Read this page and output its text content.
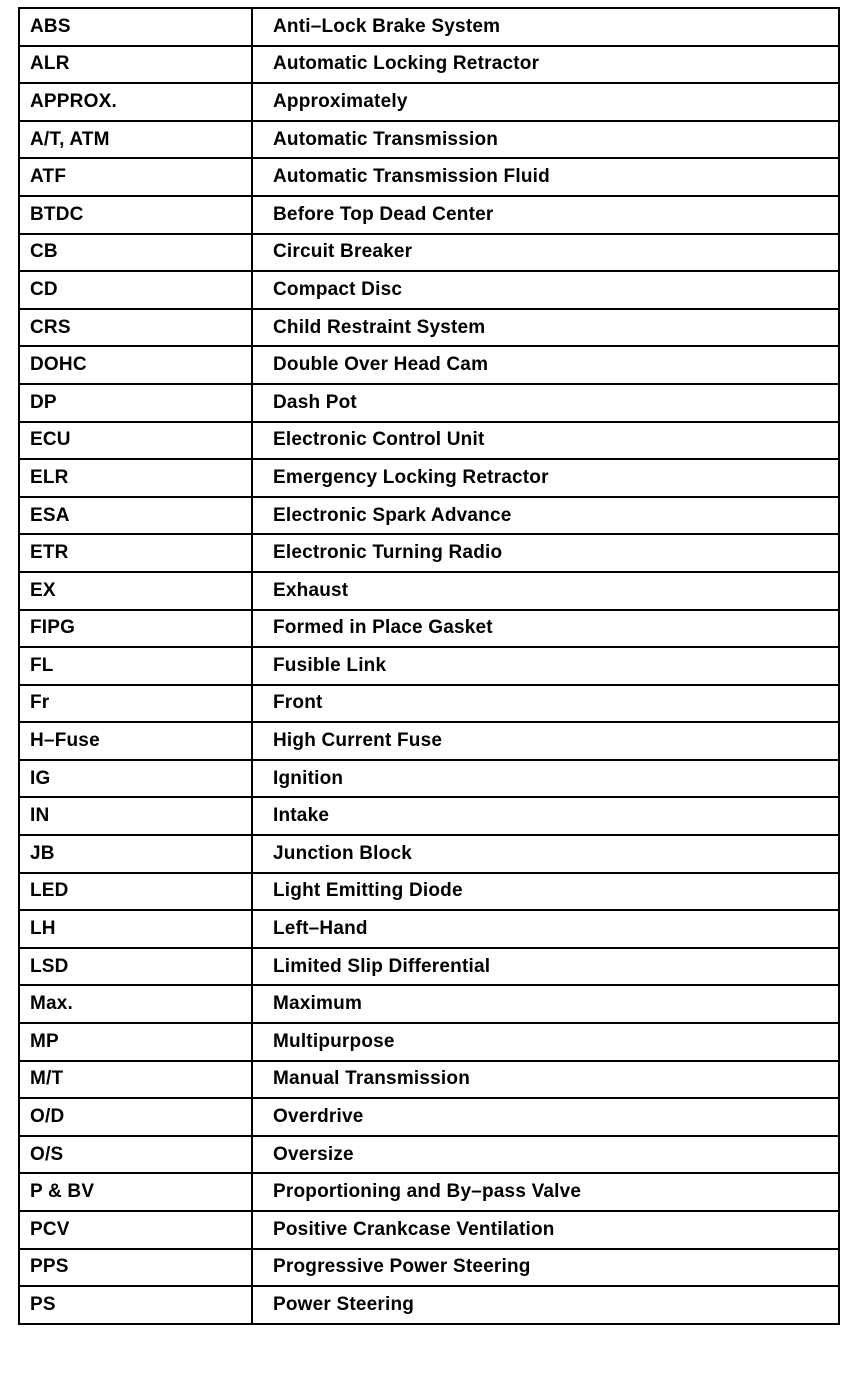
ABS	Anti–Lock Brake System
ALR	Automatic Locking Retractor
APPROX.	Approximately
A/T, ATM	Automatic Transmission
ATF	Automatic Transmission Fluid
BTDC	Before Top Dead Center
CB	Circuit Breaker
CD	Compact Disc
CRS	Child Restraint System
DOHC	Double Over Head Cam
DP	Dash Pot
ECU	Electronic Control Unit
ELR	Emergency Locking Retractor
ESA	Electronic Spark Advance
ETR	Electronic Turning Radio
EX	Exhaust
FIPG	Formed in Place Gasket
FL	Fusible Link
Fr	Front
H–Fuse	High Current Fuse
IG	Ignition
IN	Intake
JB	Junction Block
LED	Light Emitting Diode
LH	Left–Hand
LSD	Limited Slip Differential
Max.	Maximum
MP	Multipurpose
M/T	Manual Transmission
O/D	Overdrive
O/S	Oversize
P & BV	Proportioning and By–pass Valve
PCV	Positive Crankcase Ventilation
PPS	Progressive Power Steering
PS	Power Steering
